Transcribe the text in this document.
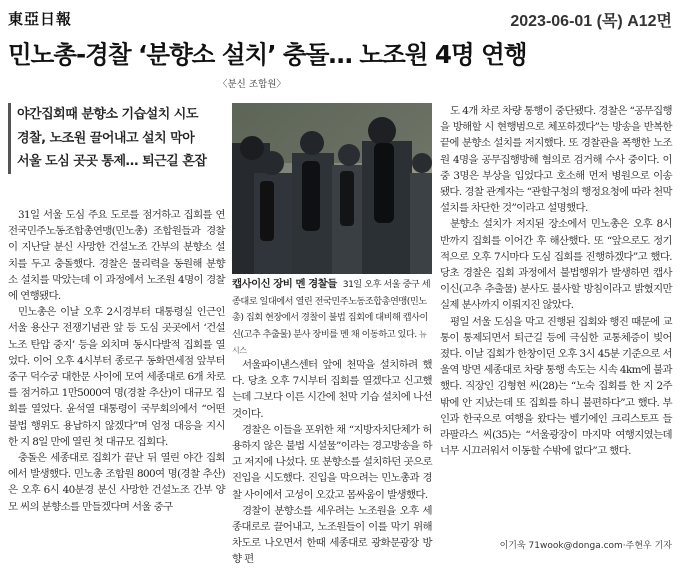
東亞日報	2023-06-01 (목) A12면
민노총-경찰 ‘분향소 설치’ 충돌… 노조원 4명 연행
〈분신 조합원〉
야간집회때 분향소 기습설치 시도
경찰, 노조원 끌어내고 설치 막아
서울 도심 곳곳 통제… 퇴근길 혼잡

31일 서울 도심 주요 도로를 점거하고 집회를 연 전국민주노동조합총연맹(민노총) 조합원들과 경찰이 지난달 분신 사망한 건설노조 간부의 분향소 설치를 두고 충돌했다. 경찰은 물리력을 동원해 분향소 설치를 막았는데 이 과정에서 노조원 4명이 경찰에 연행됐다.

민노총은 이날 오후 2시경부터 대통령실 인근인 서울 용산구 전쟁기념관 앞 등 도심 곳곳에서 ‘건설노조 탄압 중지’ 등을 외치며 동시다발적 집회를 열었다. 이어 오후 4시부터 종로구 동화면세점 앞부터 중구 덕수궁 대한문 사이에 모여 세종대로 6개 차로를 점거하고 1만5000여 명(경찰 추산)이 대규모 집회를 열었다. 윤석열 대통령이 국무회의에서 “어떤 불법 행위도 용납하지 않겠다”며 엄정 대응을 지시한 지 8일 만에 열린 첫 대규모 집회다.

충돌은 세종대로 집회가 끝난 뒤 열린 야간 집회에서 발생했다. 민노총 조합원 800여 명(경찰 추산)은 오후 6시 40분경 분신 사망한 건설노조 간부 양모 씨의 분향소를 만들겠다며 서울 중구

캡사이신 장비 멘 경찰들 31일 오후 서울 중구 세종대로 일대에서 열린 전국민주노동조합총연맹(민노총) 집회 현장에서 경찰이 불법 집회에 대비해 캡사이신(고추 추출물) 분사 장비를 멘 채 이동하고 있다. 뉴시스

서울파이낸스센터 앞에 천막을 설치하려 했다. 당초 오후 7시부터 집회를 열겠다고 신고했는데 그보다 이른 시간에 천막 기습 설치에 나선 것이다.

경찰은 이들을 포위한 채 “지방자치단체가 허용하지 않은 불법 시설물”이라는 경고방송을 하고 저지에 나섰다. 또 분향소를 설치하던 곳으로 진입을 시도했다. 진입을 막으려는 민노총과 경찰 사이에서 고성이 오갔고 몸싸움이 발생했다.

경찰이 분향소를 세우려는 노조원을 오후 세종대로로 끌어내고, 노조원들이 이를 막기 위해 차도로 나오면서 한때 세종대로 광화문광장 방향 편

도 4개 차로 차량 통행이 중단됐다. 경찰은 “공무집행을 방해할 시 현행범으로 체포하겠다”는 방송을 반복한 끝에 분향소 설치를 저지했다. 또 경찰관을 폭행한 노조원 4명을 공무집행방해 혐의로 검거해 수사 중이다. 이 중 3명은 부상을 입었다고 호소해 먼저 병원으로 이송됐다. 경찰 관계자는 “관할구청의 행정요청에 따라 천막 설치를 차단한 것”이라고 설명했다.

분향소 설치가 저지된 장소에서 민노총은 오후 8시 반까지 집회를 이어간 후 해산했다. 또 “앞으로도 정기적으로 오후 7시마다 도심 집회를 진행하겠다”고 했다. 당초 경찰은 집회 과정에서 불법행위가 발생하면 캡사이신(고추 추출물) 분사도 불사할 방침이라고 밝혔지만 실제 분사까지 이뤄지진 않았다.

평일 서울 도심을 막고 진행된 집회와 행진 때문에 교통이 통제되면서 퇴근길 등에 극심한 교통체증이 빚어졌다. 이날 집회가 한창이던 오후 3시 45분 기준으로 서울역 방면 세종대로 차량 통행 속도는 시속 4km에 불과했다. 직장인 김형현 씨(28)는 “노숙 집회를 한 지 2주밖에 안 지났는데 또 집회를 하니 불편하다”고 했다. 부인과 한국으로 여행을 왔다는 벨기에인 크리스토프 들라팔라스 씨(35)는 “서울광장이 마지막 여행지였는데 너무 시끄러워서 이동할 수밖에 없다”고 했다.

이기욱 71wook@donga.com·주현우 기자
